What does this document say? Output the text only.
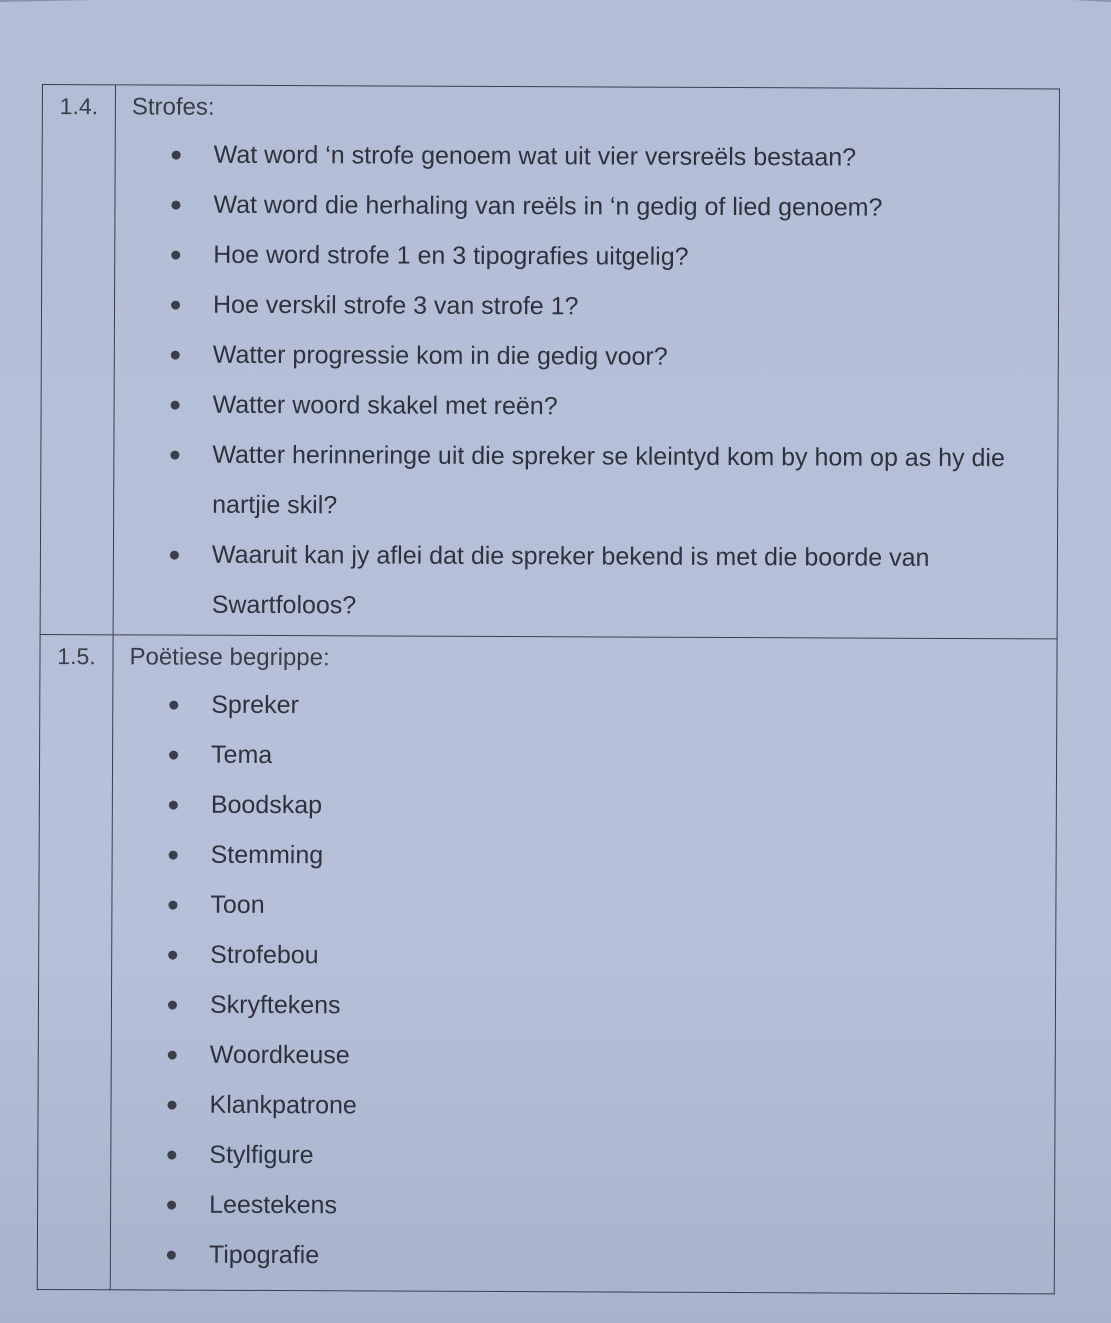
1.4.	Strofes:
Wat word ‘n strofe genoem wat uit vier versreëls bestaan?
Wat word die herhaling van reëls in ‘n gedig of lied genoem?
Hoe word strofe 1 en 3 tipografies uitgelig?
Hoe verskil strofe 3 van strofe 1?
Watter progressie kom in die gedig voor?
Watter woord skakel met reën?
Watter herinneringe uit die spreker se kleintyd kom by hom op as hy die nartjie skil?
Waaruit kan jy aflei dat die spreker bekend is met die boorde van Swartfoloos?

1.5.	Poëtiese begrippe:
Spreker
Tema
Boodskap
Stemming
Toon
Strofebou
Skryftekens
Woordkeuse
Klankpatrone
Stylfigure
Leestekens
Tipografie
